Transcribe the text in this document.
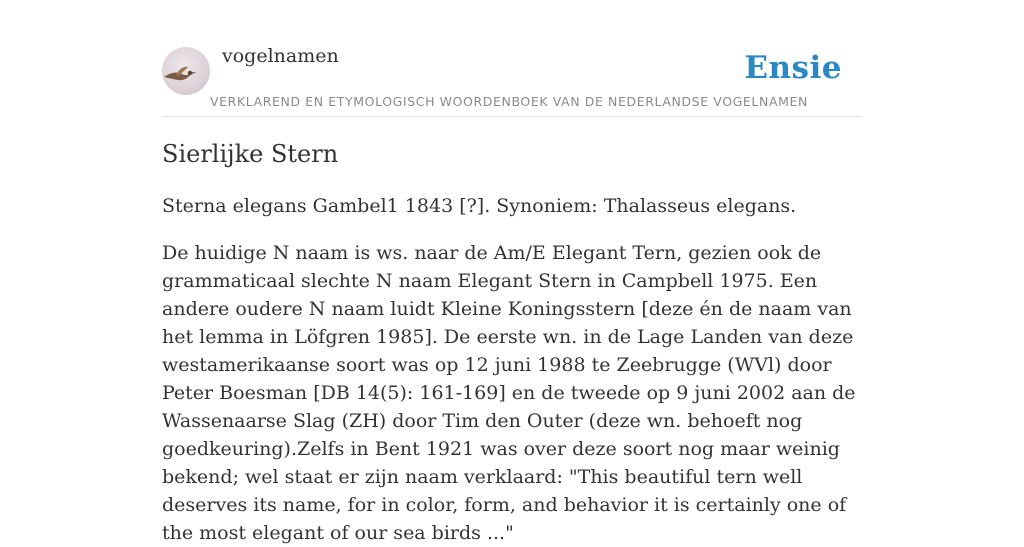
vogelnamen	Ensie
VERKLAREND EN ETYMOLOGISCH WOORDENBOEK VAN DE NEDERLANDSE VOGELNAMEN
Sierlijke Stern

Sterna elegans Gambel1 1843 [?]. Synoniem: Thalasseus elegans.

De huidige N naam is ws. naar de Am/E Elegant Tern, gezien ook de grammaticaal slechte N naam Elegant Stern in Campbell 1975. Een andere oudere N naam luidt Kleine Koningsstern [deze én de naam van het lemma in Löfgren 1985]. De eerste wn. in de Lage Landen van deze westamerikaanse soort was op 12 juni 1988 te Zeebrugge (WVl) door Peter Boesman [DB 14(5): 161-169] en de tweede op 9 juni 2002 aan de Wassenaarse Slag (ZH) door Tim den Outer (deze wn. behoeft nog goedkeuring).Zelfs in Bent 1921 was over deze soort nog maar weinig bekend; wel staat er zijn naam verklaard: "This beautiful tern well deserves its name, for in color, form, and behavior it is certainly one of the most elegant of our sea birds ..."
